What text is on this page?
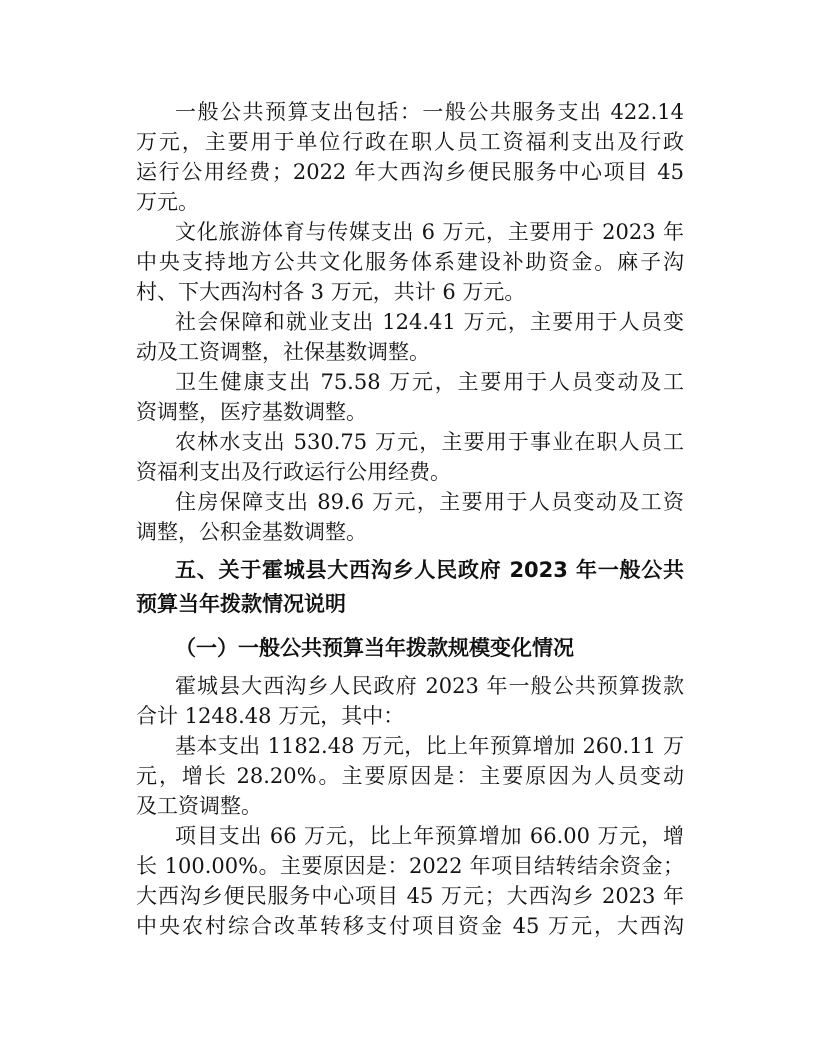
一般公共预算支出包括：一般公共服务支出 422.14
万元，主要用于单位行政在职人员工资福利支出及行政
运行公用经费；2022 年大西沟乡便民服务中心项目 45
万元。
文化旅游体育与传媒支出 6 万元，主要用于 2023 年
中央支持地方公共文化服务体系建设补助资金。麻子沟
村、下大西沟村各 3 万元，共计 6 万元。
社会保障和就业支出 124.41 万元，主要用于人员变
动及工资调整，社保基数调整。
卫生健康支出 75.58 万元，主要用于人员变动及工
资调整，医疗基数调整。
农林水支出 530.75 万元，主要用于事业在职人员工
资福利支出及行政运行公用经费。
住房保障支出 89.6 万元，主要用于人员变动及工资
调整，公积金基数调整。
五、关于霍城县大西沟乡人民政府 2023 年一般公共
预算当年拨款情况说明
（一）一般公共预算当年拨款规模变化情况
霍城县大西沟乡人民政府 2023 年一般公共预算拨款
合计 1248.48 万元，其中：
基本支出 1182.48 万元，比上年预算增加 260.11 万
元，增长 28.20%。主要原因是：主要原因为人员变动
及工资调整。
项目支出 66 万元，比上年预算增加 66.00 万元，增
长 100.00%。主要原因是：2022 年项目结转结余资金；
大西沟乡便民服务中心项目 45 万元；大西沟乡 2023 年
中央农村综合改革转移支付项目资金 45 万元，大西沟
